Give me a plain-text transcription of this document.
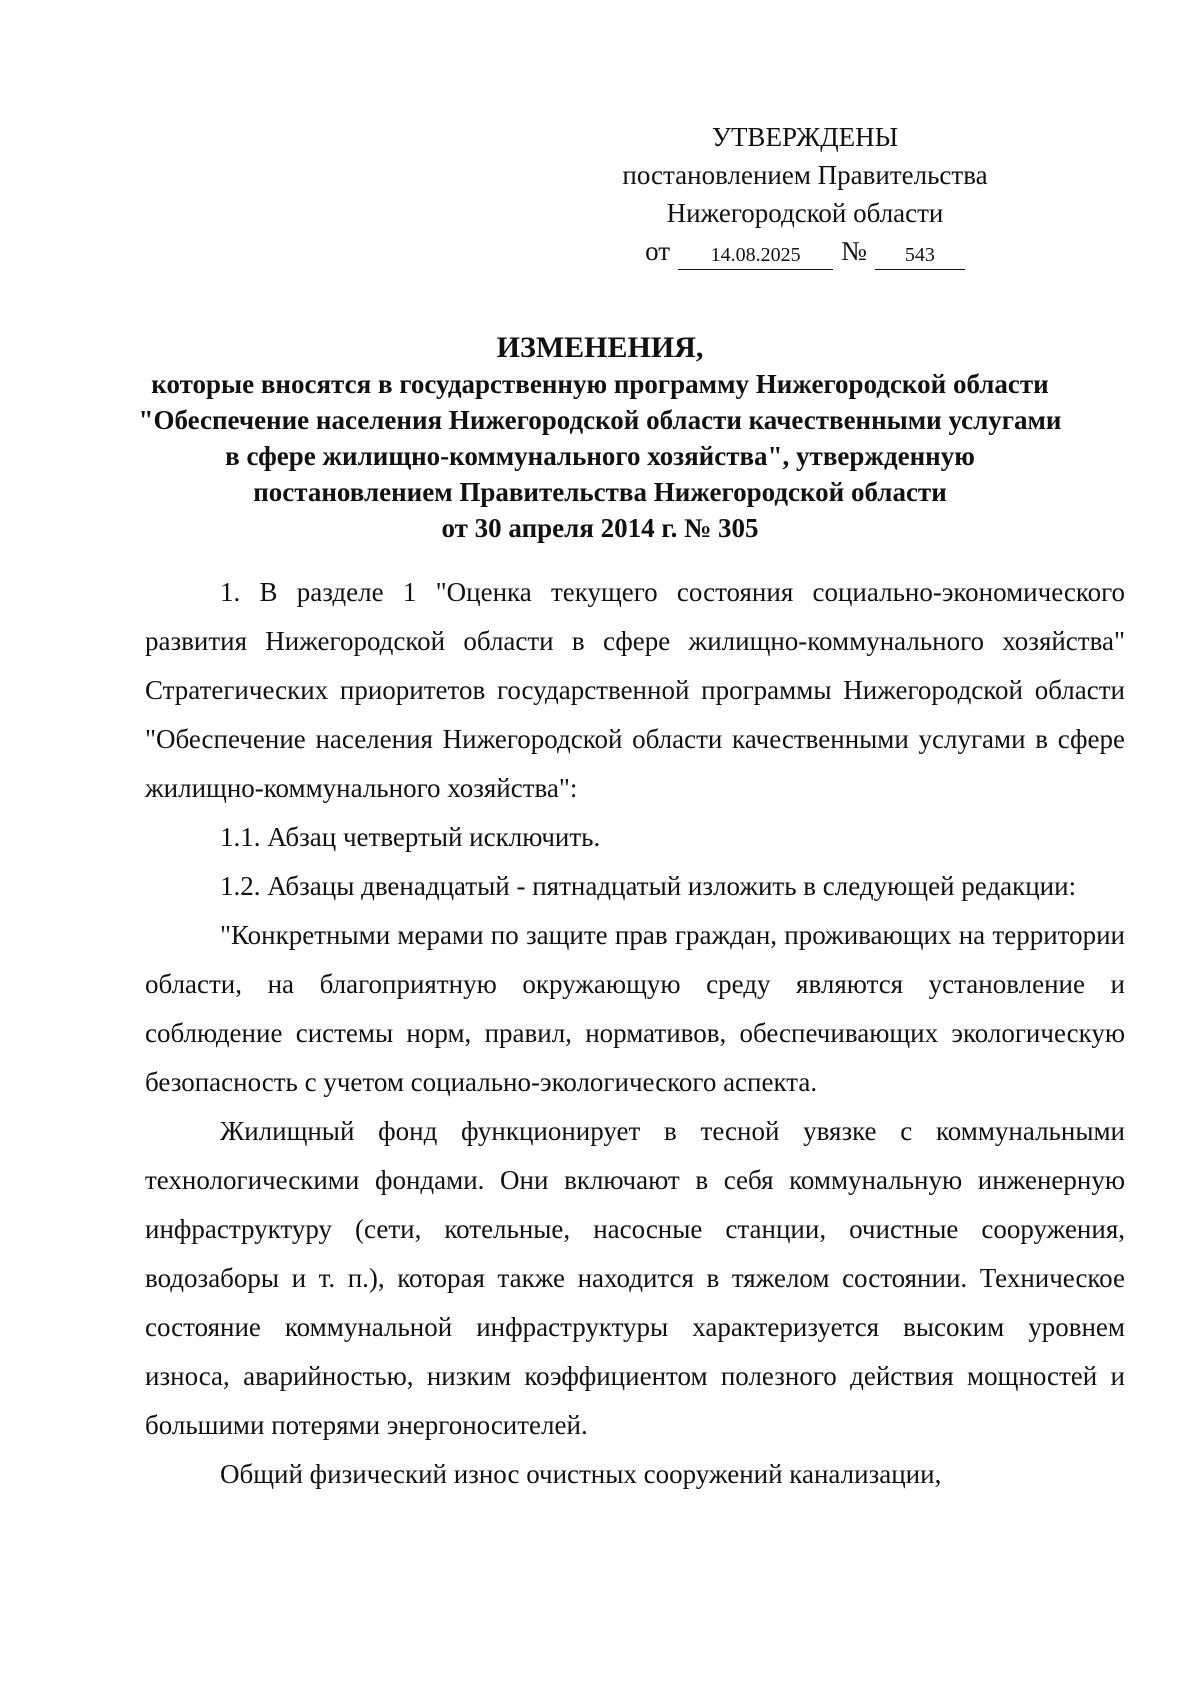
УТВЕРЖДЕНЫ
постановлением Правительства
Нижегородской области
от	14.08.2025	№	543
ИЗМЕНЕНИЯ,
которые вносятся в государственную программу Нижегородской области
"Обеспечение населения Нижегородской области качественными услугами
в сфере жилищно-коммунального хозяйства", утвержденную
постановлением Правительства Нижегородской области
от 30 апреля 2014 г. № 305

1. В разделе 1 "Оценка текущего состояния социально-экономического развития Нижегородской области в сфере жилищно-коммунального хозяйства" Стратегических приоритетов государственной программы Нижегородской области "Обеспечение населения Нижегородской области качественными услугами в сфере жилищно-коммунального хозяйства":

1.1. Абзац четвертый исключить.

1.2. Абзацы двенадцатый - пятнадцатый изложить в следующей редакции:

"Конкретными мерами по защите прав граждан, проживающих на территории области, на благоприятную окружающую среду являются установление и соблюдение системы норм, правил, нормативов, обеспечивающих экологическую безопасность с учетом социально-экологического аспекта.

Жилищный фонд функционирует в тесной увязке с коммунальными технологическими фондами. Они включают в себя коммунальную инженерную инфраструктуру (сети, котельные, насосные станции, очистные сооружения, водозаборы и т. п.), которая также находится в тяжелом состоянии. Техническое состояние коммунальной инфраструктуры характеризуется высоким уровнем износа, аварийностью, низким коэффициентом полезного действия мощностей и большими потерями энергоносителей.

Общий физический износ очистных сооружений канализации,
